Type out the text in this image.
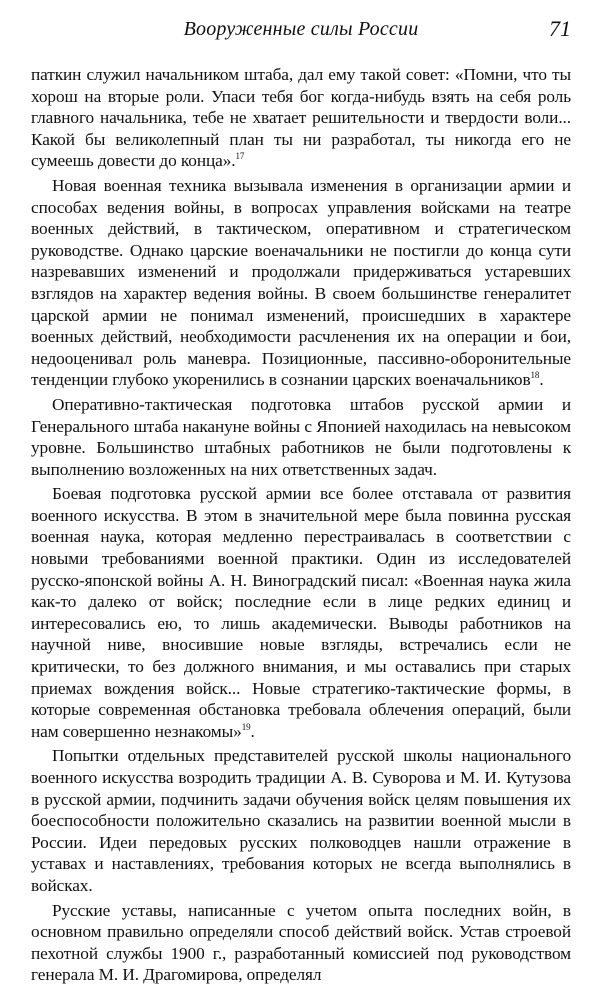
Вооруженные силы России	71

паткин служил начальником штаба, дал ему такой совет: «Помни, что ты хорош на вторые роли. Упаси тебя бог когда-нибудь взять на себя роль главного начальника, тебе не хватает решительности и твердости воли... Какой бы великолепный план ты ни разработал, ты никогда его не сумеешь довести до конца».$^{17}$

Новая военная техника вызывала изменения в организации армии и способах ведения войны, в вопросах управления войсками на театре военных действий, в тактическом, оперативном и стратегическом руководстве. Однако царские военачальники не постигли до конца сути назревавших изменений и продолжали придерживаться устаревших взглядов на характер ведения войны. В своем большинстве генералитет царской армии не понимал изменений, происшедших в характере военных действий, необходимости расчленения их на операции и бои, недооценивал роль маневра. Позиционные, пассивно-оборонительные тенденции глубоко укоренились в сознании царских военачальников$^{18}$.

Оперативно-тактическая подготовка штабов русской армии и Генерального штаба накануне войны с Японией находилась на невысоком уровне. Большинство штабных работников не были подготовлены к выполнению возложенных на них ответственных задач.

Боевая подготовка русской армии все более отставала от развития военного искусства. В этом в значительной мере была повинна русская военная наука, которая медленно перестраивалась в соответствии с новыми требованиями военной практики. Один из исследователей русско-японской войны А. Н. Виноградский писал: «Военная наука жила как-то далеко от войск; последние если в лице редких единиц и интересовались ею, то лишь академически. Выводы работников на научной ниве, вносившие новые взгляды, встречались если не критически, то без должного внимания, и мы оставались при старых приемах вождения войск... Новые стратегико-тактические формы, в которые современная обстановка требовала облечения операций, были нам совершенно незнакомы»$^{19}$.

Попытки отдельных представителей русской школы национального военного искусства возродить традиции А. В. Суворова и М. И. Кутузова в русской армии, подчинить задачи обучения войск целям повышения их боеспособности положительно сказались на развитии военной мысли в России. Идеи передовых русских полководцев нашли отражение в уставах и наставлениях, требования которых не всегда выполнялись в войсках.

Русские уставы, написанные с учетом опыта последних войн, в основном правильно определяли способ действий войск. Устав строевой пехотной службы 1900 г., разработанный комиссией под руководством генерала М. И. Драгомирова, определял
